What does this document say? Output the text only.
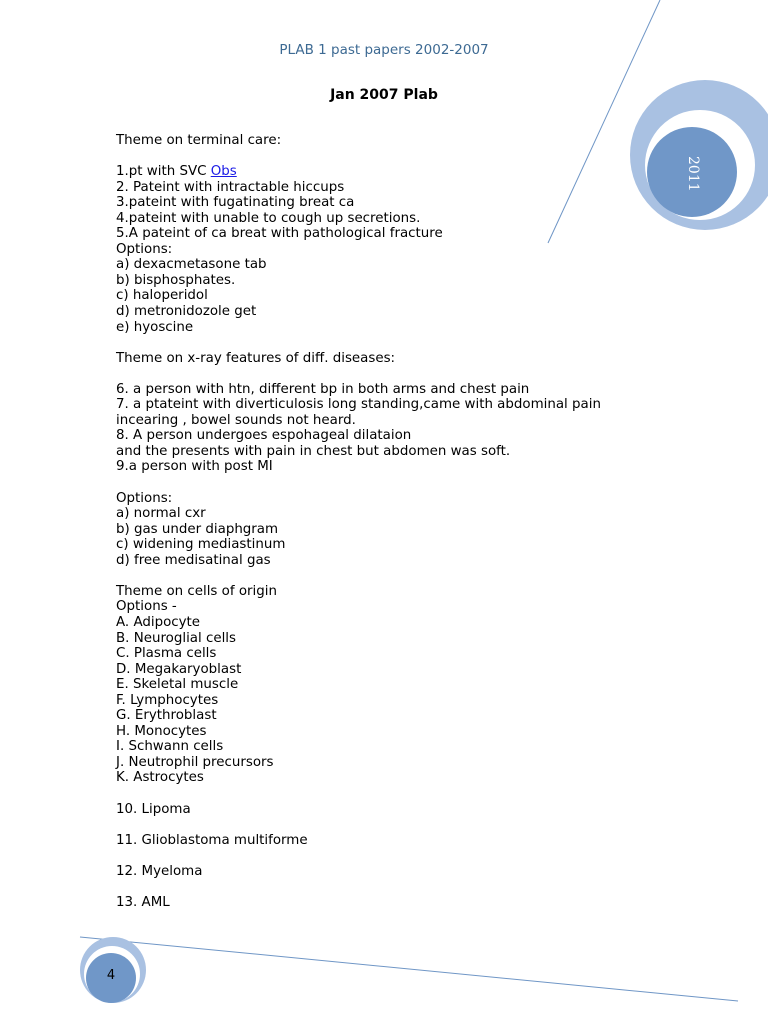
PLAB 1 past papers 2002-2007
Jan 2007 Plab
2011
4
Theme on terminal care:
1.pt with SVC Obs
2. Pateint with intractable hiccups
3.pateint with fugatinating breat ca
4.pateint with unable to cough up secretions.
5.A pateint of ca breat with pathological fracture
Options:
a) dexacmetasone tab
b) bisphosphates.
c) haloperidol
d) metronidozole get
e) hyoscine
Theme on x-ray features of diff. diseases:
6. a person with htn, different bp in both arms and chest pain
7. a ptateint with diverticulosis long standing,came with abdominal pain
incearing , bowel sounds not heard.
8. A person undergoes espohageal dilataion
and the presents with pain in chest but abdomen was soft.
9.a person with post MI
Options:
a) normal cxr
b) gas under diaphgram
c) widening mediastinum
d) free medisatinal gas
Theme on cells of origin
Options -
A. Adipocyte
B. Neuroglial cells
C. Plasma cells
D. Megakaryoblast
E. Skeletal muscle
F. Lymphocytes
G. Erythroblast
H. Monocytes
I. Schwann cells
J. Neutrophil precursors
K. Astrocytes
10. Lipoma
11. Glioblastoma multiforme
12. Myeloma
13. AML
